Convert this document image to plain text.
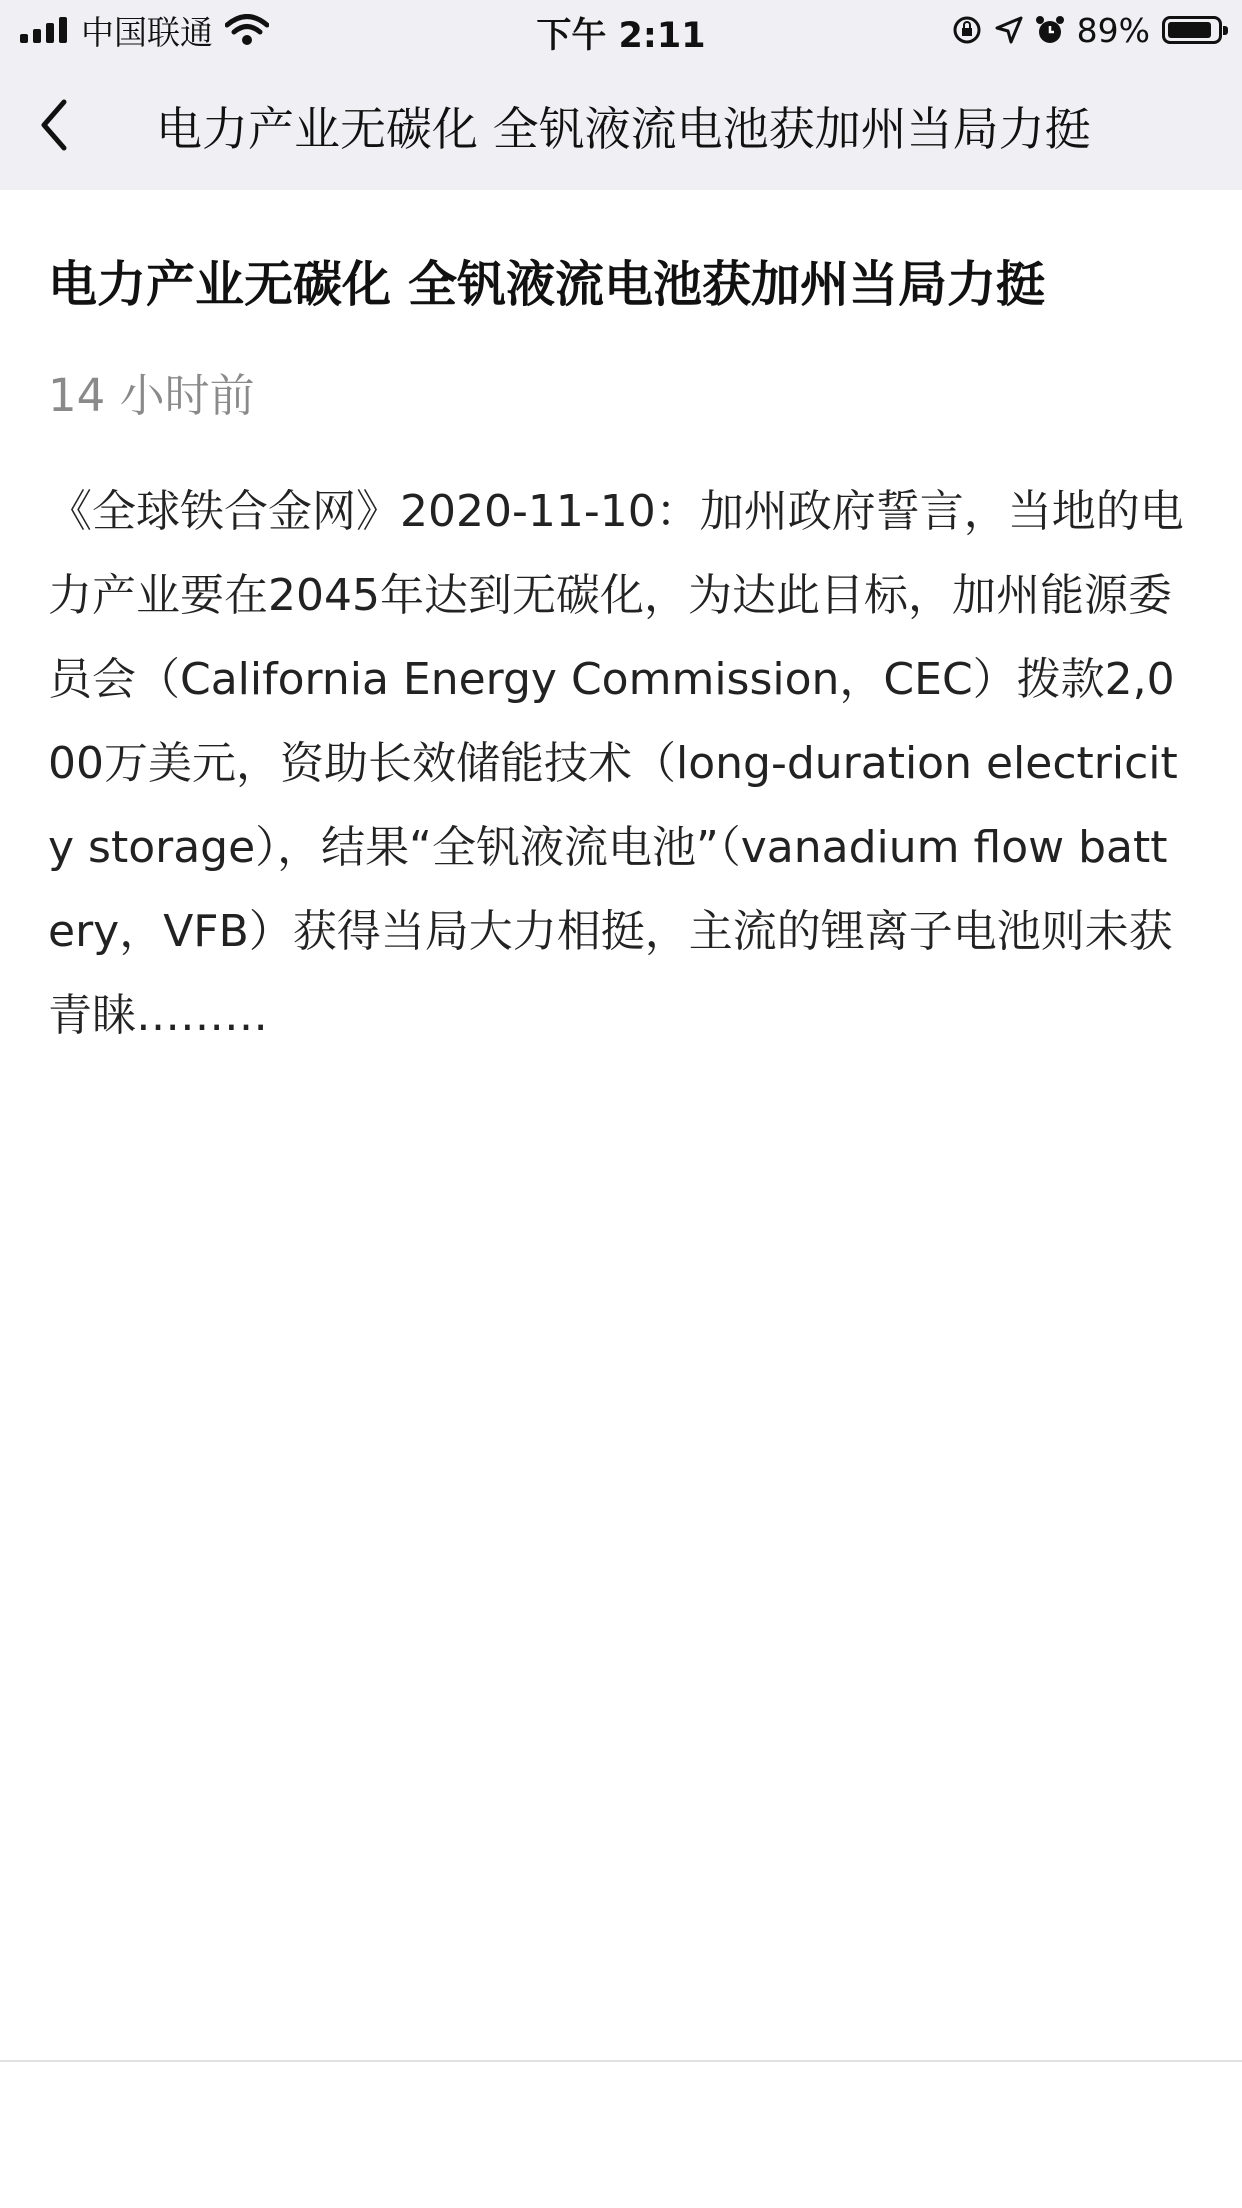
中国联通	下午 2:11	89%
电力产业无碳化 全钒液流电池获加州当局力挺
电力产业无碳化 全钒液流电池获加州当局力挺
14 小时前
《全球铁合金网》2020-11-10：加州政府誓言，当地的电力产业要在2045年达到无碳化，为达此目标，加州能源委员会（California Energy Commission，CEC）拨款2,000万美元，资助长效储能技术（long-duration electricity storage），结果“全钒液流电池”（vanadium flow battery，VFB）获得当局大力相挺，主流的锂离子电池则未获青睐………
